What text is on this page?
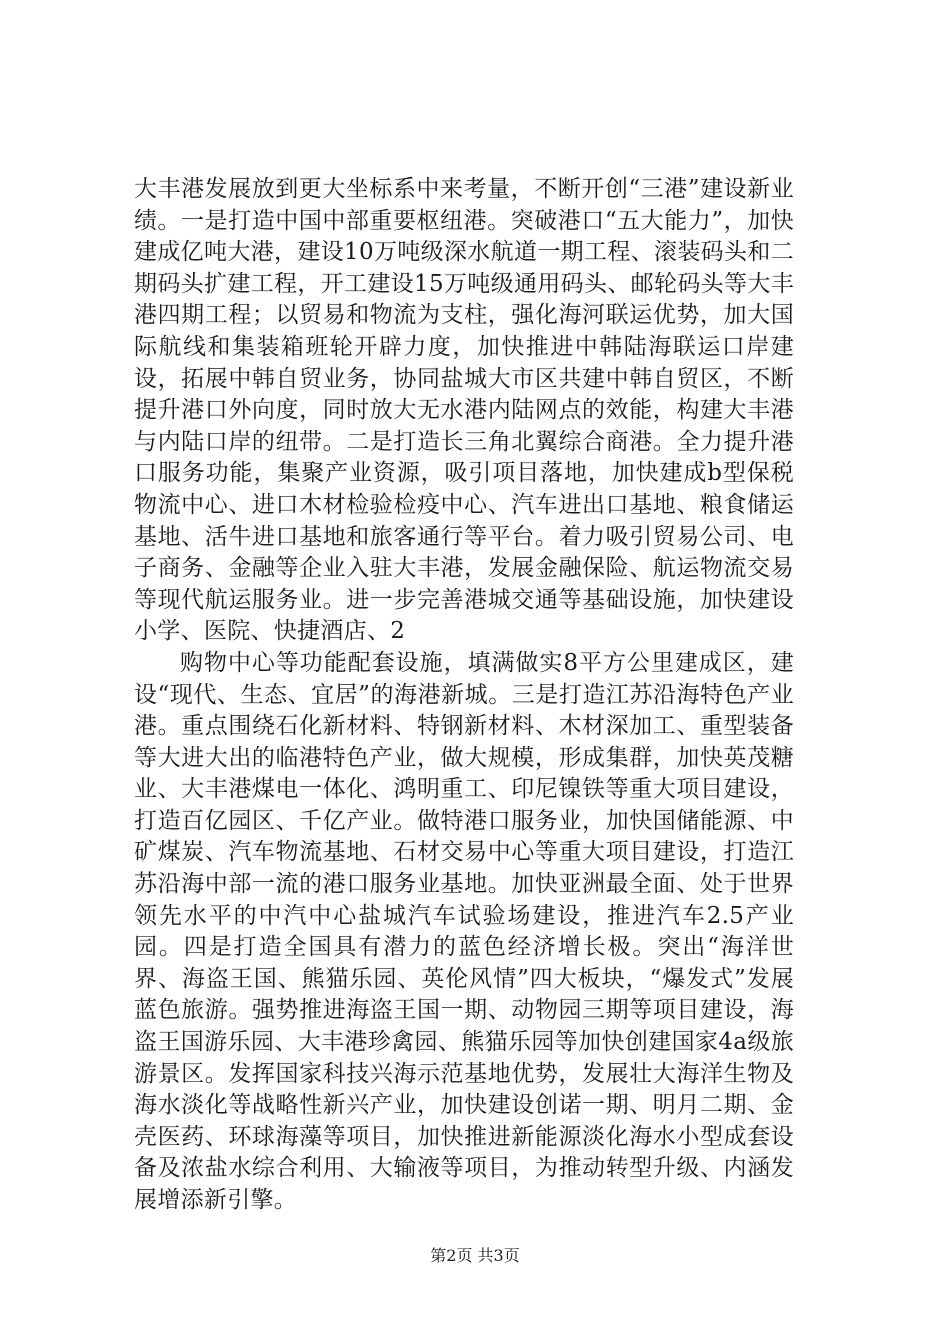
大丰港发展放到更大坐标系中来考量，不断开创“三港”建设新业绩。一是打造中国中部重要枢纽港。突破港口“五大能力”，加快建成亿吨大港，建设10万吨级深水航道一期工程、滚装码头和二期码头扩建工程，开工建设15万吨级通用码头、邮轮码头等大丰港四期工程；以贸易和物流为支柱，强化海河联运优势，加大国际航线和集装箱班轮开辟力度，加快推进中韩陆海联运口岸建设，拓展中韩自贸业务，协同盐城大市区共建中韩自贸区，不断提升港口外向度，同时放大无水港内陆网点的效能，构建大丰港与内陆口岸的纽带。二是打造长三角北翼综合商港。全力提升港口服务功能，集聚产业资源，吸引项目落地，加快建成b型保税物流中心、进口木材检验检疫中心、汽车进出口基地、粮食储运基地、活牛进口基地和旅客通行等平台。着力吸引贸易公司、电子商务、金融等企业入驻大丰港，发展金融保险、航运物流交易等现代航运服务业。进一步完善港城交通等基础设施，加快建设小学、医院、快捷酒店、2

购物中心等功能配套设施，填满做实8平方公里建成区，建设“现代、生态、宜居”的海港新城。三是打造江苏沿海特色产业港。重点围绕石化新材料、特钢新材料、木材深加工、重型装备等大进大出的临港特色产业，做大规模，形成集群，加快英茂糖业、大丰港煤电一体化、鸿明重工、印尼镍铁等重大项目建设，打造百亿园区、千亿产业。做特港口服务业，加快国储能源、中矿煤炭、汽车物流基地、石材交易中心等重大项目建设，打造江苏沿海中部一流的港口服务业基地。加快亚洲最全面、处于世界领先水平的中汽中心盐城汽车试验场建设，推进汽车2.5产业园。四是打造全国具有潜力的蓝色经济增长极。突出“海洋世界、海盗王国、熊猫乐园、英伦风情”四大板块，“爆发式”发展蓝色旅游。强势推进海盗王国一期、动物园三期等项目建设，海盗王国游乐园、大丰港珍禽园、熊猫乐园等加快创建国家4a级旅游景区。发挥国家科技兴海示范基地优势，发展壮大海洋生物及海水淡化等战略性新兴产业，加快建设创诺一期、明月二期、金壳医药、环球海藻等项目，加快推进新能源淡化海水小型成套设备及浓盐水综合利用、大输液等项目，为推动转型升级、内涵发展增添新引擎。

第2页 共3页
